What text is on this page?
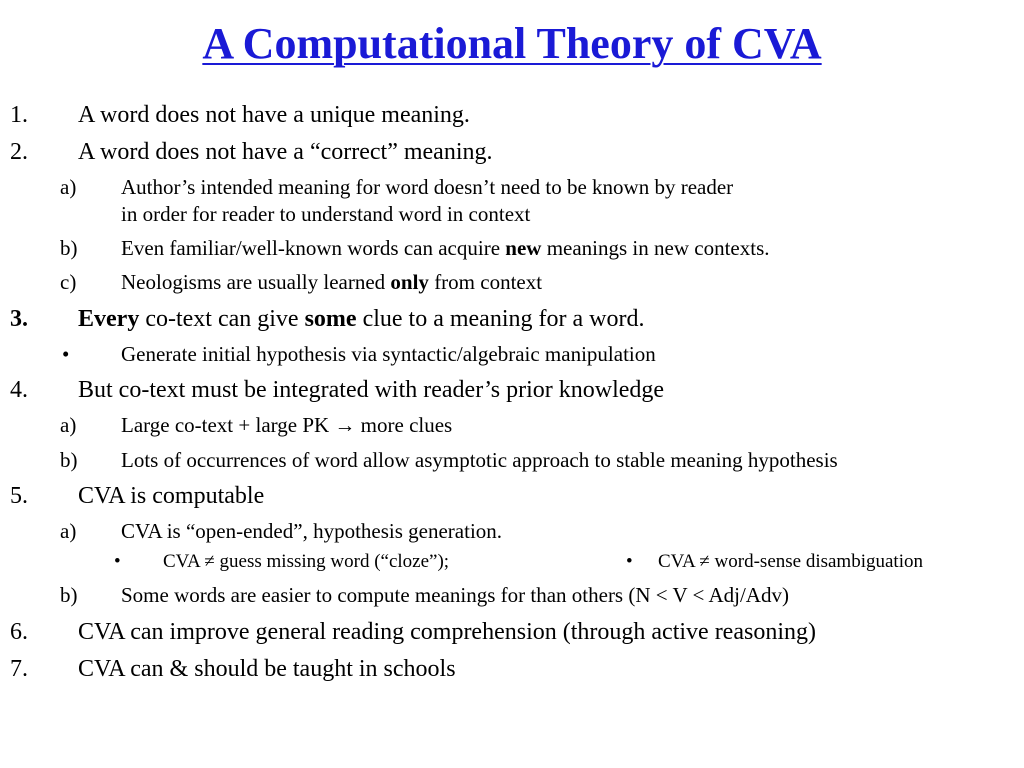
A Computational Theory of CVA
1. A word does not have a unique meaning.
2. A word does not have a “correct” meaning.
a) Author’s intended meaning for word doesn’t need to be known by reader
in order for reader to understand word in context
b) Even familiar/well-known words can acquire new meanings in new contexts.
c) Neologisms are usually learned only from context
3. Every co-text can give some clue to a meaning for a word.
• Generate initial hypothesis via syntactic/algebraic manipulation
4. But co-text must be integrated with reader’s prior knowledge
a) Large co-text + large PK → more clues
b) Lots of occurrences of word allow asymptotic approach to stable meaning hypothesis
5. CVA is computable
a) CVA is “open-ended”, hypothesis generation.
• CVA ≠ guess missing word (“cloze”);	• CVA ≠ word-sense disambiguation
b) Some words are easier to compute meanings for than others (N < V < Adj/Adv)
6. CVA can improve general reading comprehension (through active reasoning)
7. CVA can & should be taught in schools
